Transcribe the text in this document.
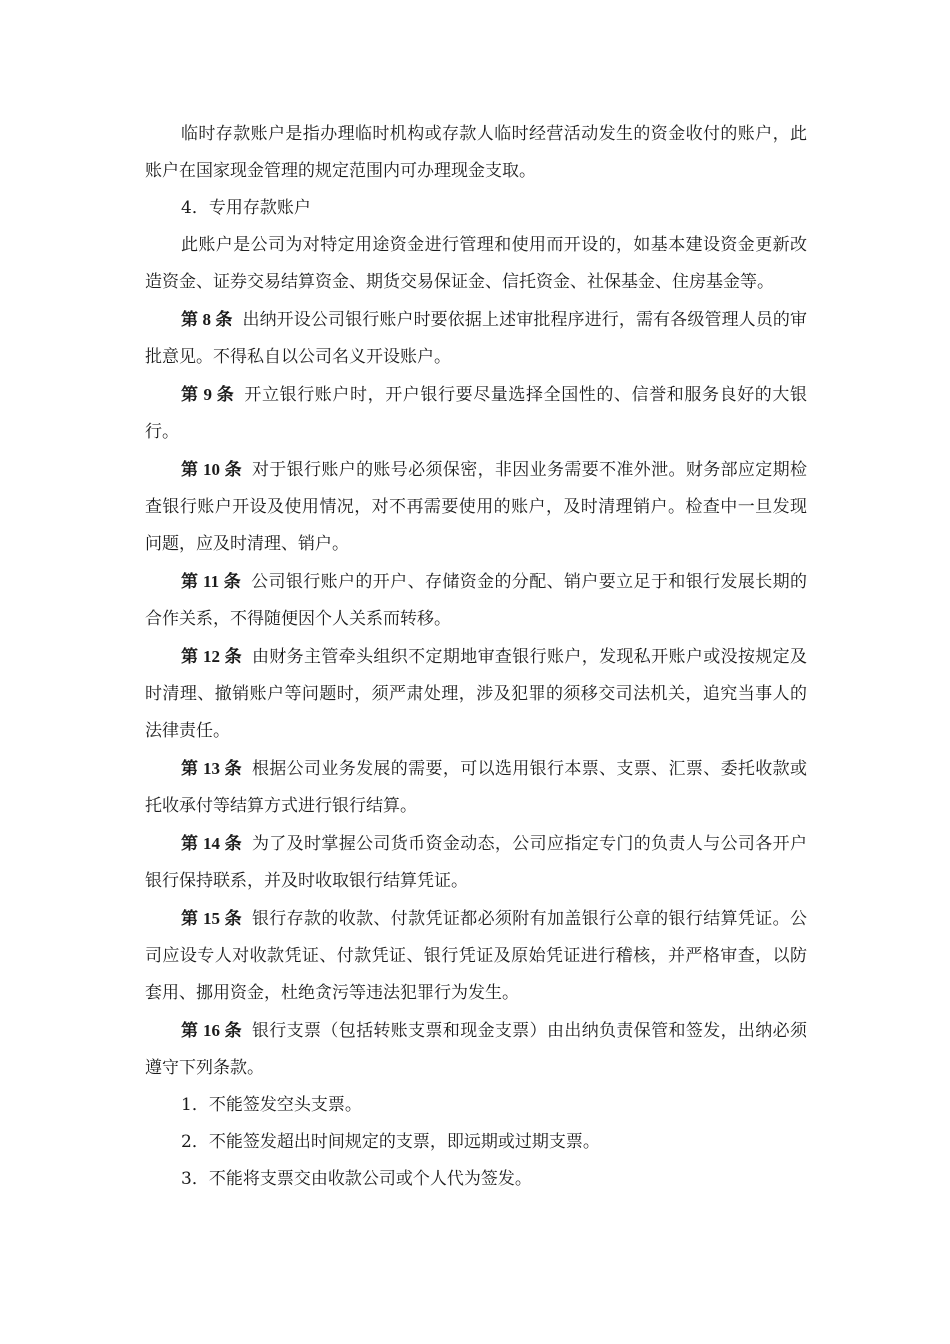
临时存款账户是指办理临时机构或存款人临时经营活动发生的资金收付的账户，此账户在国家现金管理的规定范围内可办理现金支取。

4．专用存款账户

此账户是公司为对特定用途资金进行管理和使用而开设的，如基本建设资金更新改造资金、证券交易结算资金、期货交易保证金、信托资金、社保基金、住房基金等。

第 8 条 出纳开设公司银行账户时要依据上述审批程序进行，需有各级管理人员的审批意见。不得私自以公司名义开设账户。

第 9 条 开立银行账户时，开户银行要尽量选择全国性的、信誉和服务良好的大银行。

第 10 条 对于银行账户的账号必须保密，非因业务需要不准外泄。财务部应定期检查银行账户开设及使用情况，对不再需要使用的账户，及时清理销户。检查中一旦发现问题，应及时清理、销户。

第 11 条 公司银行账户的开户、存储资金的分配、销户要立足于和银行发展长期的合作关系，不得随便因个人关系而转移。

第 12 条 由财务主管牵头组织不定期地审查银行账户，发现私开账户或没按规定及时清理、撤销账户等问题时，须严肃处理，涉及犯罪的须移交司法机关，追究当事人的法律责任。

第 13 条 根据公司业务发展的需要，可以选用银行本票、支票、汇票、委托收款或托收承付等结算方式进行银行结算。

第 14 条 为了及时掌握公司货币资金动态，公司应指定专门的负责人与公司各开户银行保持联系，并及时收取银行结算凭证。

第 15 条 银行存款的收款、付款凭证都必须附有加盖银行公章的银行结算凭证。公司应设专人对收款凭证、付款凭证、银行凭证及原始凭证进行稽核，并严格审查，以防套用、挪用资金，杜绝贪污等违法犯罪行为发生。

第 16 条 银行支票（包括转账支票和现金支票）由出纳负责保管和签发，出纳必须遵守下列条款。

1．不能签发空头支票。

2．不能签发超出时间规定的支票，即远期或过期支票。

3．不能将支票交由收款公司或个人代为签发。
